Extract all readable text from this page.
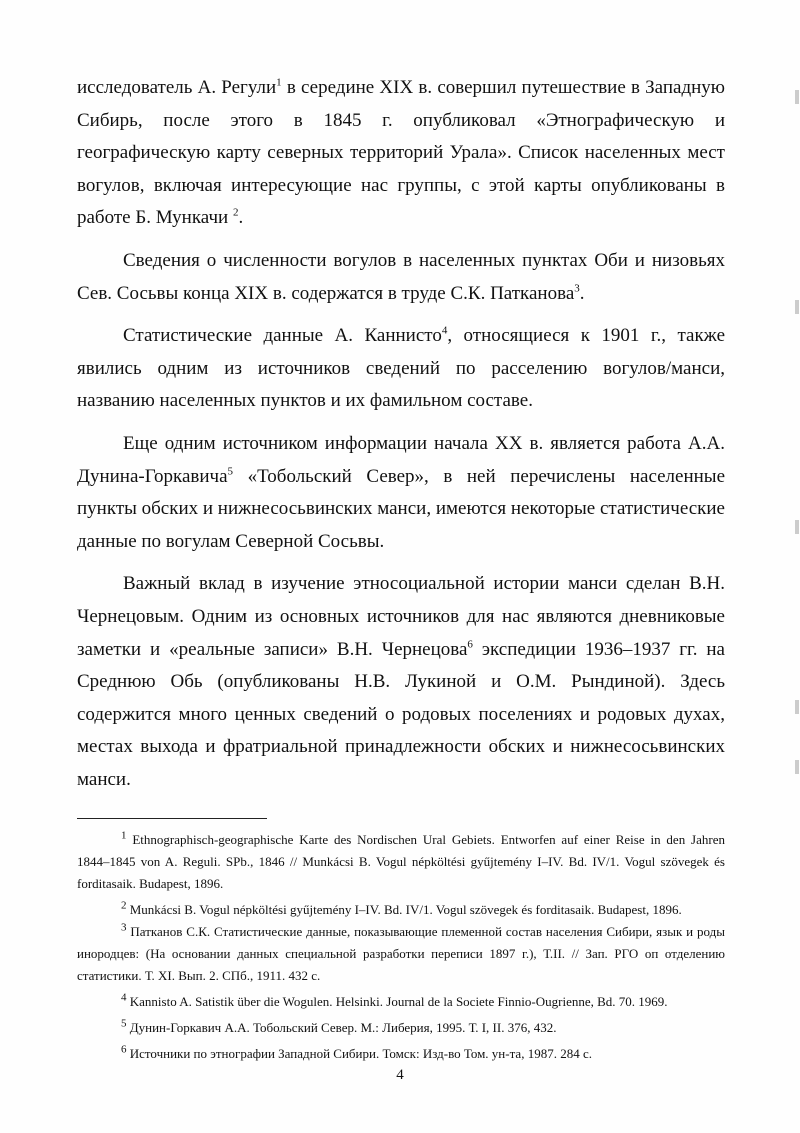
исследователь А. Регули$^1$ в середине XIX в. совершил путешествие в Западную Сибирь, после этого в 1845 г. опубликовал «Этнографическую и географическую карту северных территорий Урала». Список населенных мест вогулов, включая интересующие нас группы, с этой карты опубликованы в работе Б. Мункачи $^2$.

Сведения о численности вогулов в населенных пунктах Оби и низовьях Сев. Сосьвы конца XIX в. содержатся в труде С.К. Патканова$^3$.

Статистические данные А. Каннисто$^4$, относящиеся к 1901 г., также явились одним из источников сведений по расселению вогулов/манси, названию населенных пунктов и их фамильном составе.

Еще одним источником информации начала XX в. является работа А.А. Дунина-Горкавича$^5$ «Тобольский Север», в ней перечислены населенные пункты обских и нижнесосьвинских манси, имеются некоторые статистические данные по вогулам Северной Сосьвы.

Важный вклад в изучение этносоциальной истории манси сделан В.Н. Чернецовым. Одним из основных источников для нас являются дневниковые заметки и «реальные записи» В.Н. Чернецова$^6$ экспедиции 1936–1937 гг. на Среднюю Обь (опубликованы Н.В. Лукиной и О.М. Рындиной). Здесь содержится много ценных сведений о родовых поселениях и родовых духах, местах выхода и фратриальной принадлежности обских и нижнесосьвинских манси.

$^1$ Ethnographisch-geographische Karte des Nordischen Ural Gebiets. Entworfen auf einer Reise in den Jahren 1844–1845 von A. Reguli. SPb., 1846 // Munkácsi B. Vogul népköltési gyűjtemény I–IV. Bd. IV/1. Vogul szövegek és forditasaik. Budapest, 1896.

$^2$ Munkácsi B. Vogul népköltési gyűjtemény I–IV. Bd. IV/1. Vogul szövegek és forditasaik. Budapest, 1896.

$^3$ Патканов С.К. Статистические данные, показывающие племенной состав населения Сибири, язык и роды инородцев: (На основании данных специальной разработки переписи 1897 г.), Т.II. // Зап. РГО оп отделению статистики. Т. XI. Вып. 2. СПб., 1911. 432 с.

$^4$ Kannisto A. Satistik über die Wogulen. Helsinki. Journal de la Societe Finnio-Ougrienne, Bd. 70. 1969.

$^5$ Дунин-Горкавич А.А. Тобольский Север. М.: Либерия, 1995. Т. I, II. 376, 432.

$^6$ Источники по этнографии Западной Сибири. Томск: Изд-во Том. ун-та, 1987. 284 с.

4
